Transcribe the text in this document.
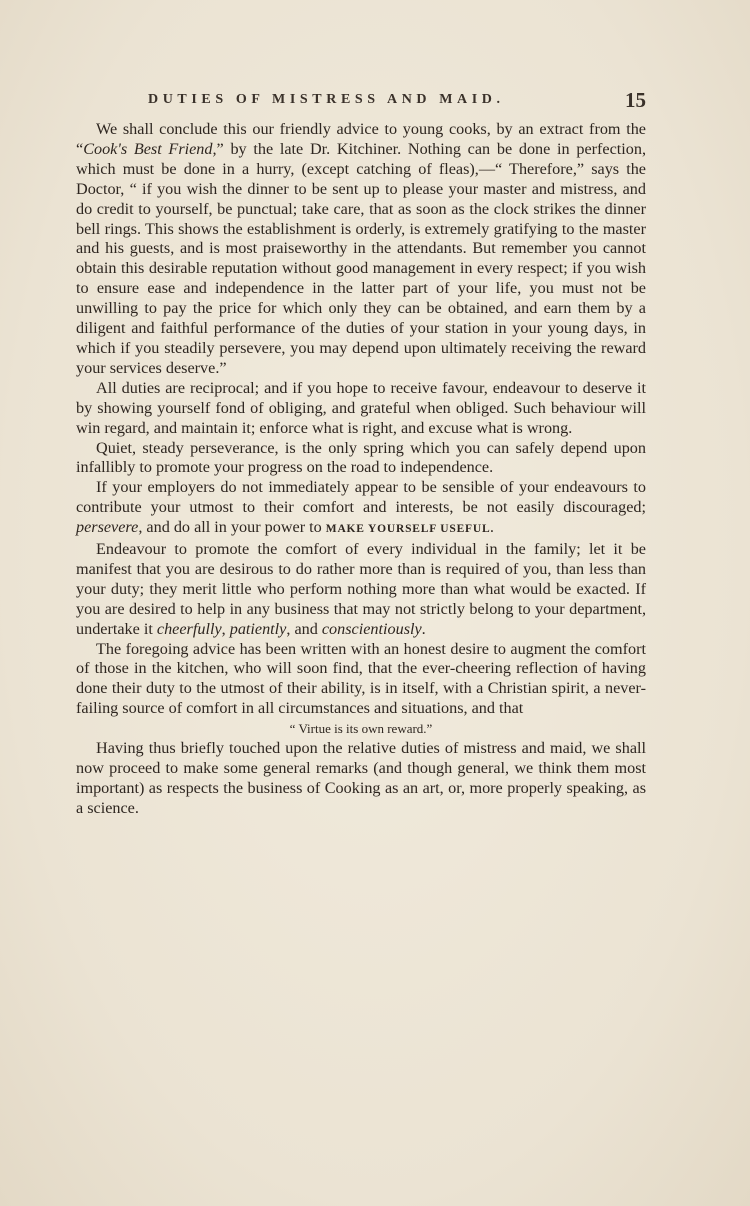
DUTIES OF MISTRESS AND MAID.	15

We shall conclude this our friendly advice to young cooks, by an extract from the “Cook's Best Friend,” by the late Dr. Kitchiner. Nothing can be done in perfection, which must be done in a hurry, (except catching of fleas),—“ Therefore,” says the Doctor, “ if you wish the dinner to be sent up to please your master and mistress, and do credit to yourself, be punctual; take care, that as soon as the clock strikes the dinner bell rings. This shows the establishment is orderly, is extremely gratifying to the master and his guests, and is most praiseworthy in the attendants. But remember you cannot obtain this desirable reputation without good management in every respect; if you wish to ensure ease and independence in the latter part of your life, you must not be unwilling to pay the price for which only they can be obtained, and earn them by a diligent and faithful performance of the duties of your station in your young days, in which if you steadily persevere, you may depend upon ultimately receiving the reward your services deserve.”

All duties are reciprocal; and if you hope to receive favour, endeavour to deserve it by showing yourself fond of obliging, and grateful when obliged. Such behaviour will win regard, and maintain it; enforce what is right, and excuse what is wrong.

Quiet, steady perseverance, is the only spring which you can safely depend upon infallibly to promote your progress on the road to independence.

If your employers do not immediately appear to be sensible of your endeavours to contribute your utmost to their comfort and interests, be not easily discouraged; persevere, and do all in your power to MAKE YOURSELF USEFUL.

Endeavour to promote the comfort of every individual in the family; let it be manifest that you are desirous to do rather more than is required of you, than less than your duty; they merit little who perform nothing more than what would be exacted. If you are desired to help in any business that may not strictly belong to your department, undertake it cheerfully, patiently, and conscientiously.

The foregoing advice has been written with an honest desire to augment the comfort of those in the kitchen, who will soon find, that the ever-cheering reflection of having done their duty to the utmost of their ability, is in itself, with a Christian spirit, a never-failing source of comfort in all circumstances and situations, and that

“ Virtue is its own reward.”

Having thus briefly touched upon the relative duties of mistress and maid, we shall now proceed to make some general remarks (and though general, we think them most important) as respects the business of Cooking as an art, or, more properly speaking, as a science.
